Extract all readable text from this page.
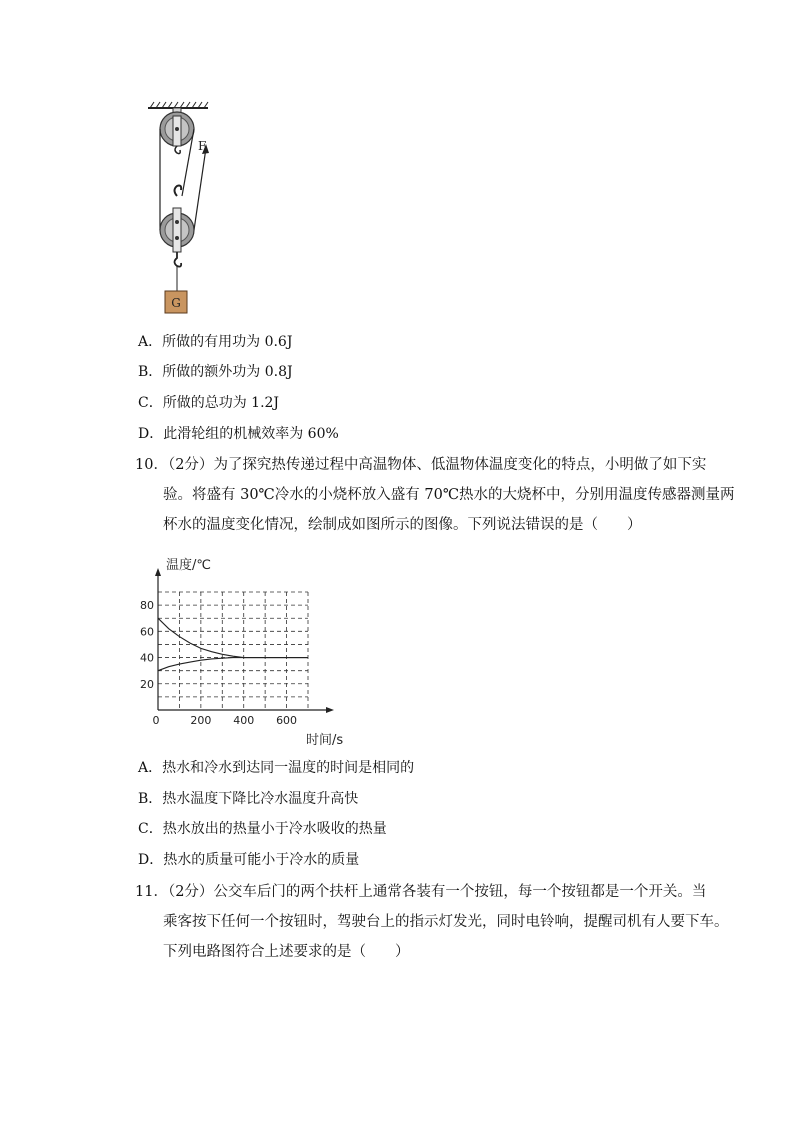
F
G
A．所做的有用功为 0.6J
B．所做的额外功为 0.8J
C．所做的总功为 1.2J
D．此滑轮组的机械效率为 60%
10．（2分）为了探究热传递过程中高温物体、低温物体温度变化的特点，小明做了如下实
验。将盛有 30℃冷水的小烧杯放入盛有 70℃热水的大烧杯中，分别用温度传感器测量两
杯水的温度变化情况，绘制成如图所示的图像。下列说法错误的是（　　）
20
40
60
80
200 400 600
0
温度/℃
时间/s
A．热水和冷水到达同一温度的时间是相同的
B．热水温度下降比冷水温度升高快
C．热水放出的热量小于冷水吸收的热量
D．热水的质量可能小于冷水的质量
11．（2分）公交车后门的两个扶杆上通常各装有一个按钮，每一个按钮都是一个开关。当
乘客按下任何一个按钮时，驾驶台上的指示灯发光，同时电铃响，提醒司机有人要下车。
下列电路图符合上述要求的是（　　）
